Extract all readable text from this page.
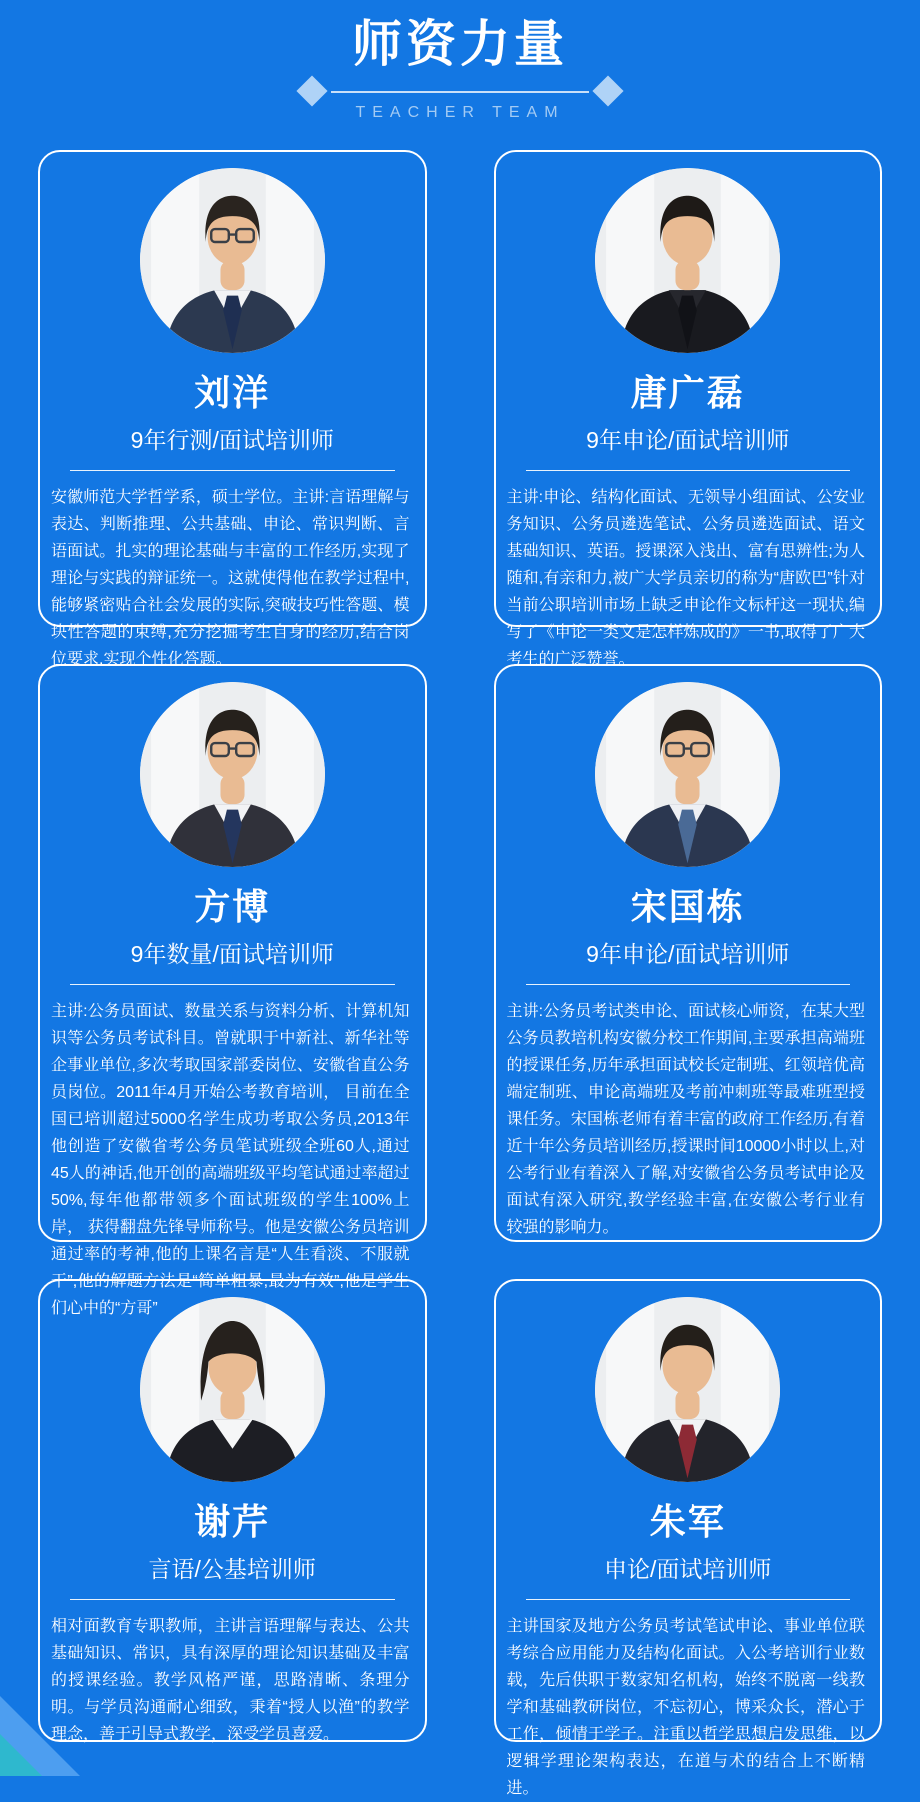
师资力量
TEACHER TEAM
刘洋
9年行测/面试培训师
安徽师范大学哲学系，硕士学位。主讲:言语理解与表达、判断推理、公共基础、申论、常识判断、言语面试。扎实的理论基础与丰富的工作经历,实现了理论与实践的辩证统一。这就使得他在教学过程中,能够紧密贴合社会发展的实际,突破技巧性答题、模块性答题的束缚,充分挖掘考生自身的经历,结合岗位要求,实现个性化答题。
唐广磊
9年申论/面试培训师
主讲:申论、结构化面试、无领导小组面试、公安业务知识、公务员遴选笔试、公务员遴选面试、语文基础知识、英语。授课深入浅出、富有思辨性;为人随和,有亲和力,被广大学员亲切的称为“唐欧巴”针对当前公职培训市场上缺乏申论作文标杆这一现状,编写了《申论一类文是怎样炼成的》一书,取得了广大考生的广泛赞誉。
方博
9年数量/面试培训师
主讲:公务员面试、数量关系与资料分析、计算机知识等公务员考试科目。曾就职于中新社、新华社等企事业单位,多次考取国家部委岗位、安徽省直公务员岗位。2011年4月开始公考教育培训， 目前在全国已培训超过5000名学生成功考取公务员,2013年他创造了安徽省考公务员笔试班级全班60人,通过45人的神话,他开创的高端班级平均笔试通过率超过50%,每年他都带领多个面试班级的学生100%上岸， 获得翻盘先锋导师称号。他是安徽公务员培训通过率的考神,他的上课名言是“人生看淡、不服就干”,他的解题方法是“简单粗暴,最为有效”,他是学生们心中的“方哥”
宋国栋
9年申论/面试培训师
主讲:公务员考试类申论、面试核心师资，在某大型公务员教培机构安徽分校工作期间,主要承担高端班的授课任务,历年承担面试校长定制班、红领培优高端定制班、申论高端班及考前冲刺班等最难班型授课任务。宋国栋老师有着丰富的政府工作经历,有着近十年公务员培训经历,授课时间10000小时以上,对公考行业有着深入了解,对安徽省公务员考试申论及面试有深入研究,教学经验丰富,在安徽公考行业有较强的影响力。
谢芹
言语/公基培训师
相对面教育专职教师，主讲言语理解与表达、公共基础知识、常识，具有深厚的理论知识基础及丰富的授课经验。教学风格严谨，思路清晰、条理分明。与学员沟通耐心细致，秉着“授人以渔”的教学理念，善于引导式教学，深受学员喜爱。
朱军
申论/面试培训师
主讲国家及地方公务员考试笔试申论、事业单位联考综合应用能力及结构化面试。入公考培训行业数载，先后供职于数家知名机构，始终不脱离一线教学和基础教研岗位，不忘初心，博采众长，潜心于工作，倾情于学子。注重以哲学思想启发思维，以逻辑学理论架构表达，在道与术的结合上不断精进。
